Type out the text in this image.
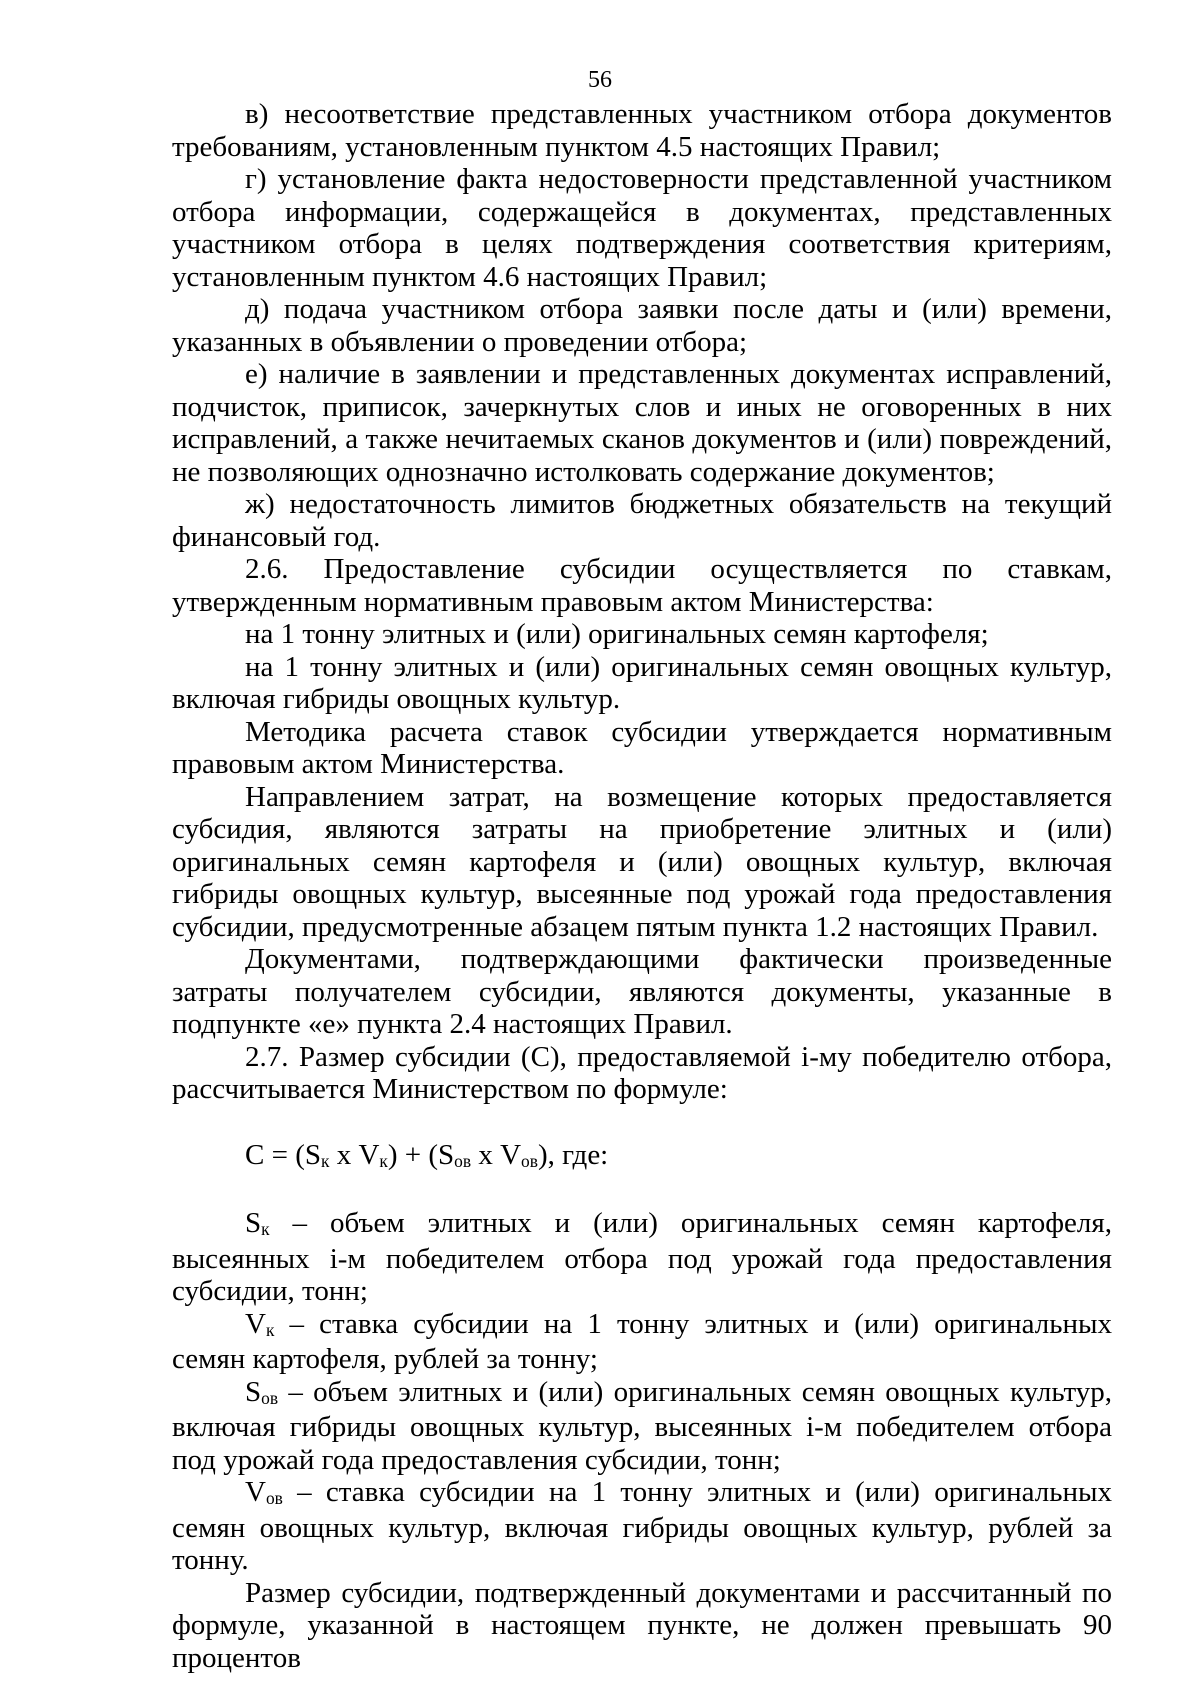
56

в) несоответствие представленных участником отбора документов требованиям, установленным пунктом 4.5 настоящих Правил;

г) установление факта недостоверности представленной участником отбора информации, содержащейся в документах, представленных участником отбора в целях подтверждения соответствия критериям, установленным пунктом 4.6 настоящих Правил;

д) подача участником отбора заявки после даты и (или) времени, указанных в объявлении о проведении отбора;

е) наличие в заявлении и представленных документах исправлений, подчисток, приписок, зачеркнутых слов и иных не оговоренных в них исправлений, а также нечитаемых сканов документов и (или) повреждений, не позволяющих однозначно истолковать содержание документов;

ж) недостаточность лимитов бюджетных обязательств на текущий финансовый год.

2.6. Предоставление субсидии осуществляется по ставкам, утвержденным нормативным правовым актом Министерства:

на 1 тонну элитных и (или) оригинальных семян картофеля;

на 1 тонну элитных и (или) оригинальных семян овощных культур, включая гибриды овощных культур.

Методика расчета ставок субсидии утверждается нормативным правовым актом Министерства.

Направлением затрат, на возмещение которых предоставляется субсидия, являются затраты на приобретение элитных и (или) оригинальных семян картофеля и (или) овощных культур, включая гибриды овощных культур, высеянные под урожай года предоставления субсидии, предусмотренные абзацем пятым пункта 1.2 настоящих Правил.

Документами, подтверждающими фактически произведенные затраты получателем субсидии, являются документы, указанные в подпункте «е» пункта 2.4 настоящих Правил.

2.7. Размер субсидии (С), предоставляемой i-му победителю отбора, рассчитывается Министерством по формуле:

$С = (S_к$ х $V_к) + (S_{ов}$ х $V_{ов}$), где:

$S_к$ – объем элитных и (или) оригинальных семян картофеля, высеянных i-м победителем отбора под урожай года предоставления субсидии, тонн;

$V_к$ – ставка субсидии на 1 тонну элитных и (или) оригинальных семян картофеля, рублей за тонну;

$S_{ов}$ – объем элитных и (или) оригинальных семян овощных культур, включая гибриды овощных культур, высеянных i-м победителем отбора под урожай года предоставления субсидии, тонн;

$V_{ов}$ – ставка субсидии на 1 тонну элитных и (или) оригинальных семян овощных культур, включая гибриды овощных культур, рублей за тонну.

Размер субсидии, подтвержденный документами и рассчитанный по формуле, указанной в настоящем пункте, не должен превышать 90 процентов
